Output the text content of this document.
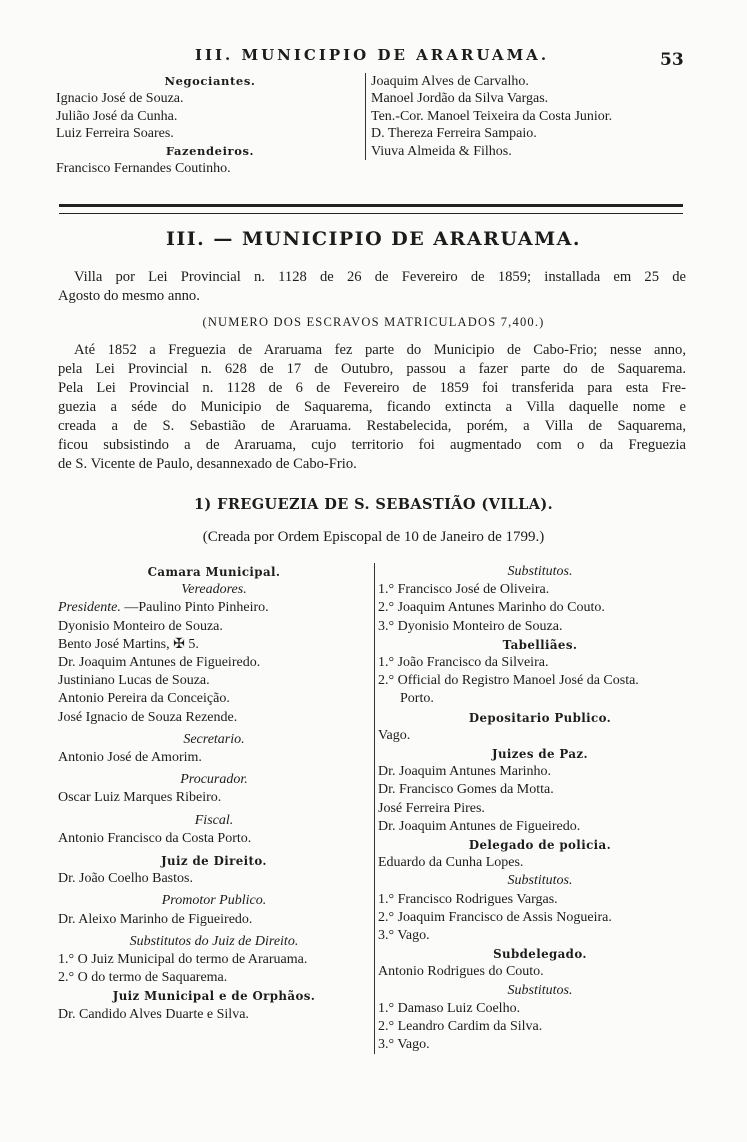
III. MUNICIPIO DE ARARUAMA.	53
Negociantes.
Ignacio José de Souza.
Julião José da Cunha.
Luiz Ferreira Soares.
Fazendeiros.
Francisco Fernandes Coutinho.
Joaquim Alves de Carvalho.
Manoel Jordão da Silva Vargas.
Ten.-Cor. Manoel Teixeira da Costa Junior.
D. Thereza Ferreira Sampaio.
Viuva Almeida & Filhos.
III. — MUNICIPIO DE ARARUAMA.
Villa por Lei Provincial n. 1128 de 26 de Fevereiro de 1859; installada em 25 de
Agosto do mesmo anno.
(NUMERO DOS ESCRAVOS MATRICULADOS 7,400.)
Até 1852 a Freguezia de Araruama fez parte do Municipio de Cabo-Frio; nesse anno,
pela Lei Provincial n. 628 de 17 de Outubro, passou a fazer parte do de Saquarema.
Pela Lei Provincial n. 1128 de 6 de Fevereiro de 1859 foi transferida para esta Fre-
guezia a séde do Municipio de Saquarema, ficando extincta a Villa daquelle nome e
creada a de S. Sebastião de Araruama. Restabelecida, porém, a Villa de Saquarema,
ficou subsistindo a de Araruama, cujo territorio foi augmentado com o da Freguezia
de S. Vicente de Paulo, desannexado de Cabo-Frio.
1) FREGUEZIA DE S. SEBASTIÃO (VILLA).
(Creada por Ordem Episcopal de 10 de Janeiro de 1799.)
Camara Municipal.
Vereadores.
Presidente. —Paulino Pinto Pinheiro.
Dyonisio Monteiro de Souza.
Bento José Martins, ✠ 5.
Dr. Joaquim Antunes de Figueiredo.
Justiniano Lucas de Souza.
Antonio Pereira da Conceição.
José Ignacio de Souza Rezende.
Secretario.
Antonio José de Amorim.
Procurador.
Oscar Luiz Marques Ribeiro.
Fiscal.
Antonio Francisco da Costa Porto.
Juiz de Direito.
Dr. João Coelho Bastos.
Promotor Publico.
Dr. Aleixo Marinho de Figueiredo.
Substitutos do Juiz de Direito.
1.° O Juiz Municipal do termo de Araruama.
2.° O do termo de Saquarema.
Juiz Municipal e de Orphãos.
Dr. Candido Alves Duarte e Silva.
Substitutos.
1.° Francisco José de Oliveira.
2.° Joaquim Antunes Marinho do Couto.
3.° Dyonisio Monteiro de Souza.
Tabelliães.
1.° João Francisco da Silveira.
2.° Official do Registro Manoel José da Costa.
Porto.
Depositario Publico.
Vago.
Juizes de Paz.
Dr. Joaquim Antunes Marinho.
Dr. Francisco Gomes da Motta.
José Ferreira Pires.
Dr. Joaquim Antunes de Figueiredo.
Delegado de policia.
Eduardo da Cunha Lopes.
Substitutos.
1.° Francisco Rodrigues Vargas.
2.° Joaquim Francisco de Assis Nogueira.
3.° Vago.
Subdelegado.
Antonio Rodrigues do Couto.
Substitutos.
1.° Damaso Luiz Coelho.
2.° Leandro Cardim da Silva.
3.° Vago.
